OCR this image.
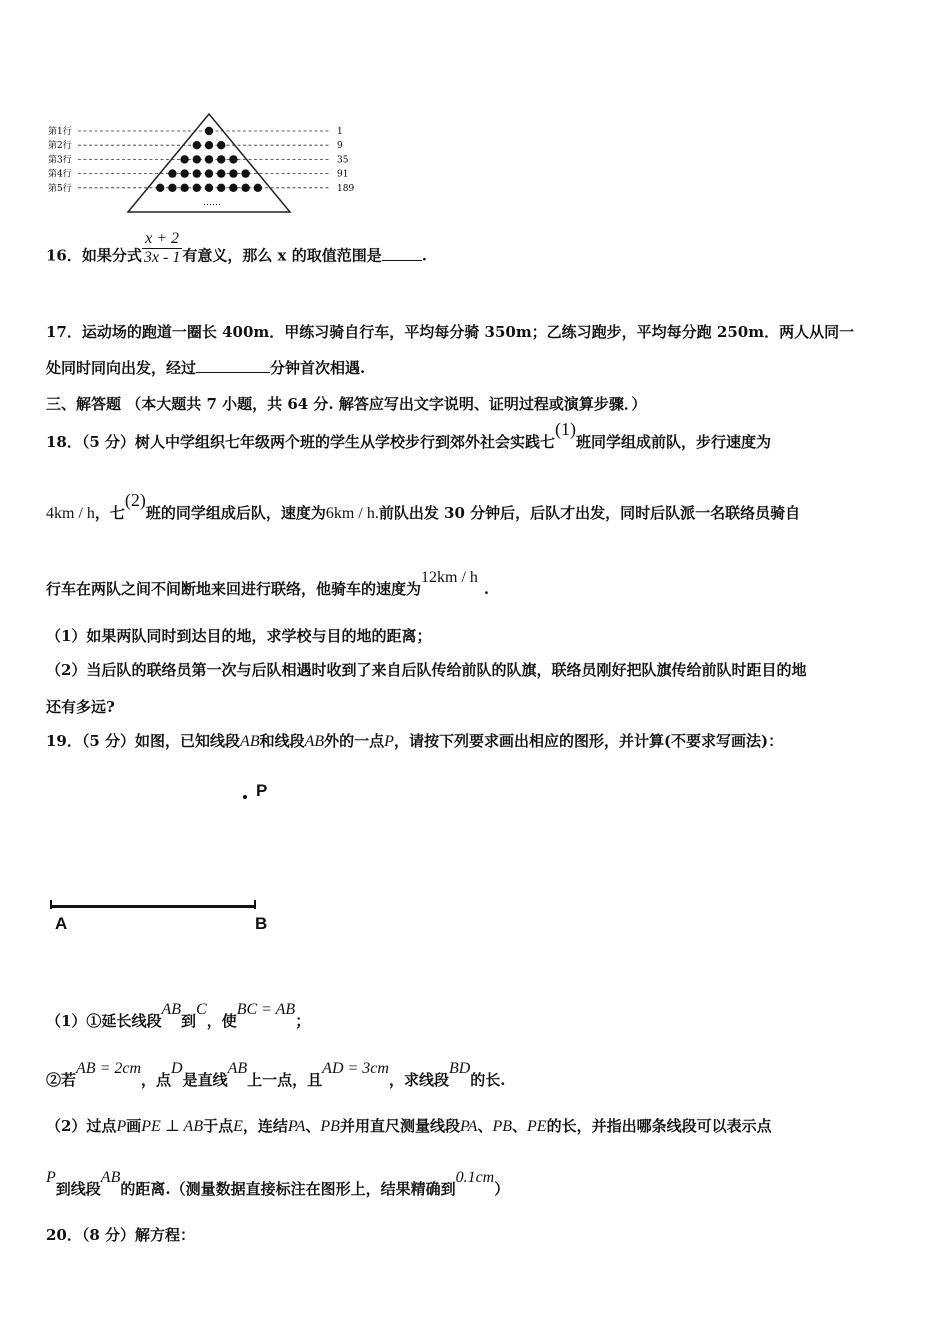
第1行	1
第2行	9
第3行	35
第4行	91
第5行	189
……
16．如果分式 $\frac{x + 2}{3x - 1}$ 有意义，那么 x 的取值范围是	.
17．运动场的跑道一圈长 400m．甲练习骑自行车，平均每分骑 350m；乙练习跑步，平均每分跑 250m．两人从同一
处同时同向出发，经过	分钟首次相遇.
三、解答题 （本大题共 7 小题，共 64 分. 解答应写出文字说明、证明过程或演算步骤．）
18．（5 分）树人中学组织七年级两个班的学生从学校步行到郊外社会实践七(1)班同学组成前队，步行速度为
4km / h，七(2)班的同学组成后队，速度为6km / h.前队出发 30 分钟后，后队才出发，同时后队派一名联络员骑自
行车在两队之间不间断地来回进行联络，他骑车的速度为12km / h.
（1）如果两队同时到达目的地，求学校与目的地的距离；
（2）当后队的联络员第一次与后队相遇时收到了来自后队传给前队的队旗，联络员刚好把队旗传给前队时距目的地
还有多远?
19．（5 分）如图，已知线段AB和线段AB外的一点P，请按下列要求画出相应的图形，并计算(不要求写画法)：
P
A	B
（1）①延长线段AB到C，使BC = AB；
②若AB = 2cm，点D是直线AB上一点，且AD = 3cm，求线段BD的长.
（2）过点P画PE ⊥ AB于点E，连结PA、PB并用直尺测量线段PA、PB、PE的长，并指出哪条线段可以表示点
P到线段AB的距离.（测量数据直接标注在图形上，结果精确到0.1cm）
20．（8 分）解方程：
